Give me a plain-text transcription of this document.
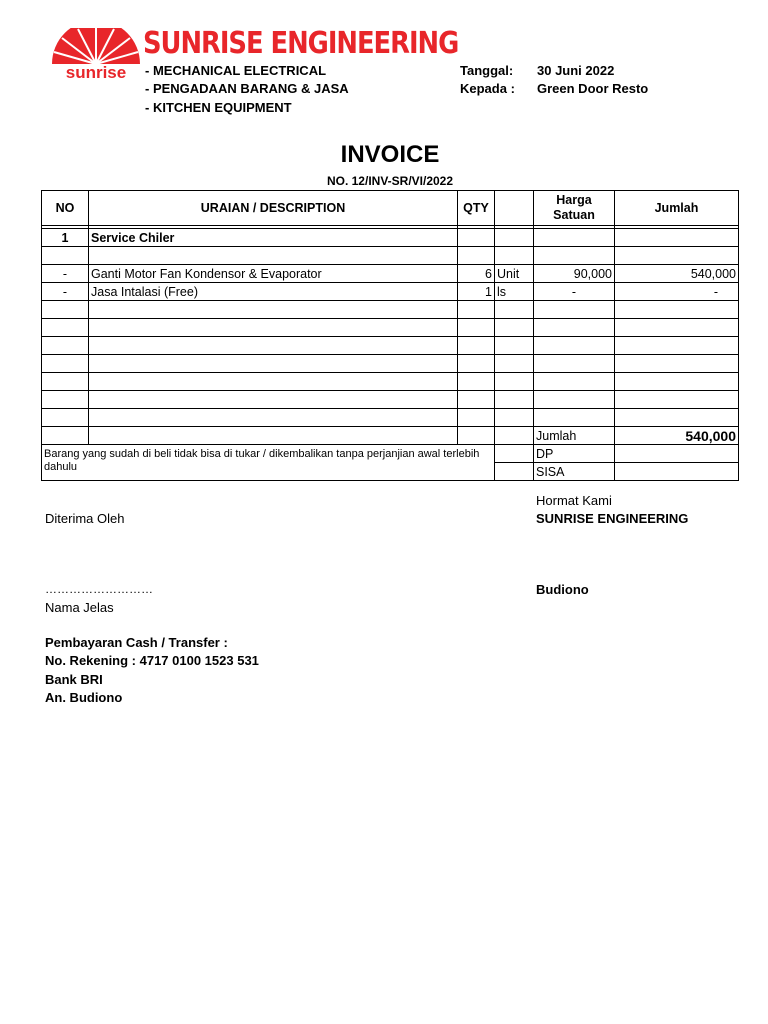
sunrise
SUNRISE ENGINEERING
- MECHANICAL ELECTRICAL
- PENGADAAN BARANG & JASA
- KITCHEN EQUIPMENT
Tanggal: 30 Juni 2022
Kepada : Green Door Resto
INVOICE
NO. 12/INV-SR/VI/2022
NO	URAIAN / DESCRIPTION	QTY		Harga Satuan	Jumlah

1	Service Chiler				

-	Ganti Motor Fan Kondensor & Evaporator	6	Unit	90,000	540,000
-	Jasa Intalasi (Free)	1	ls	-	-

				Jumlah	540,000
Barang yang sudah di beli tidak bisa di tukar / dikembalikan tanpa perjanjian awal terlebih dahulu				DP	
				SISA	
Hormat Kami
Diterima Oleh	SUNRISE ENGINEERING
………………………	Budiono
Nama Jelas
Pembayaran Cash / Transfer :
No. Rekening : 4717 0100 1523 531
Bank BRI
An. Budiono
